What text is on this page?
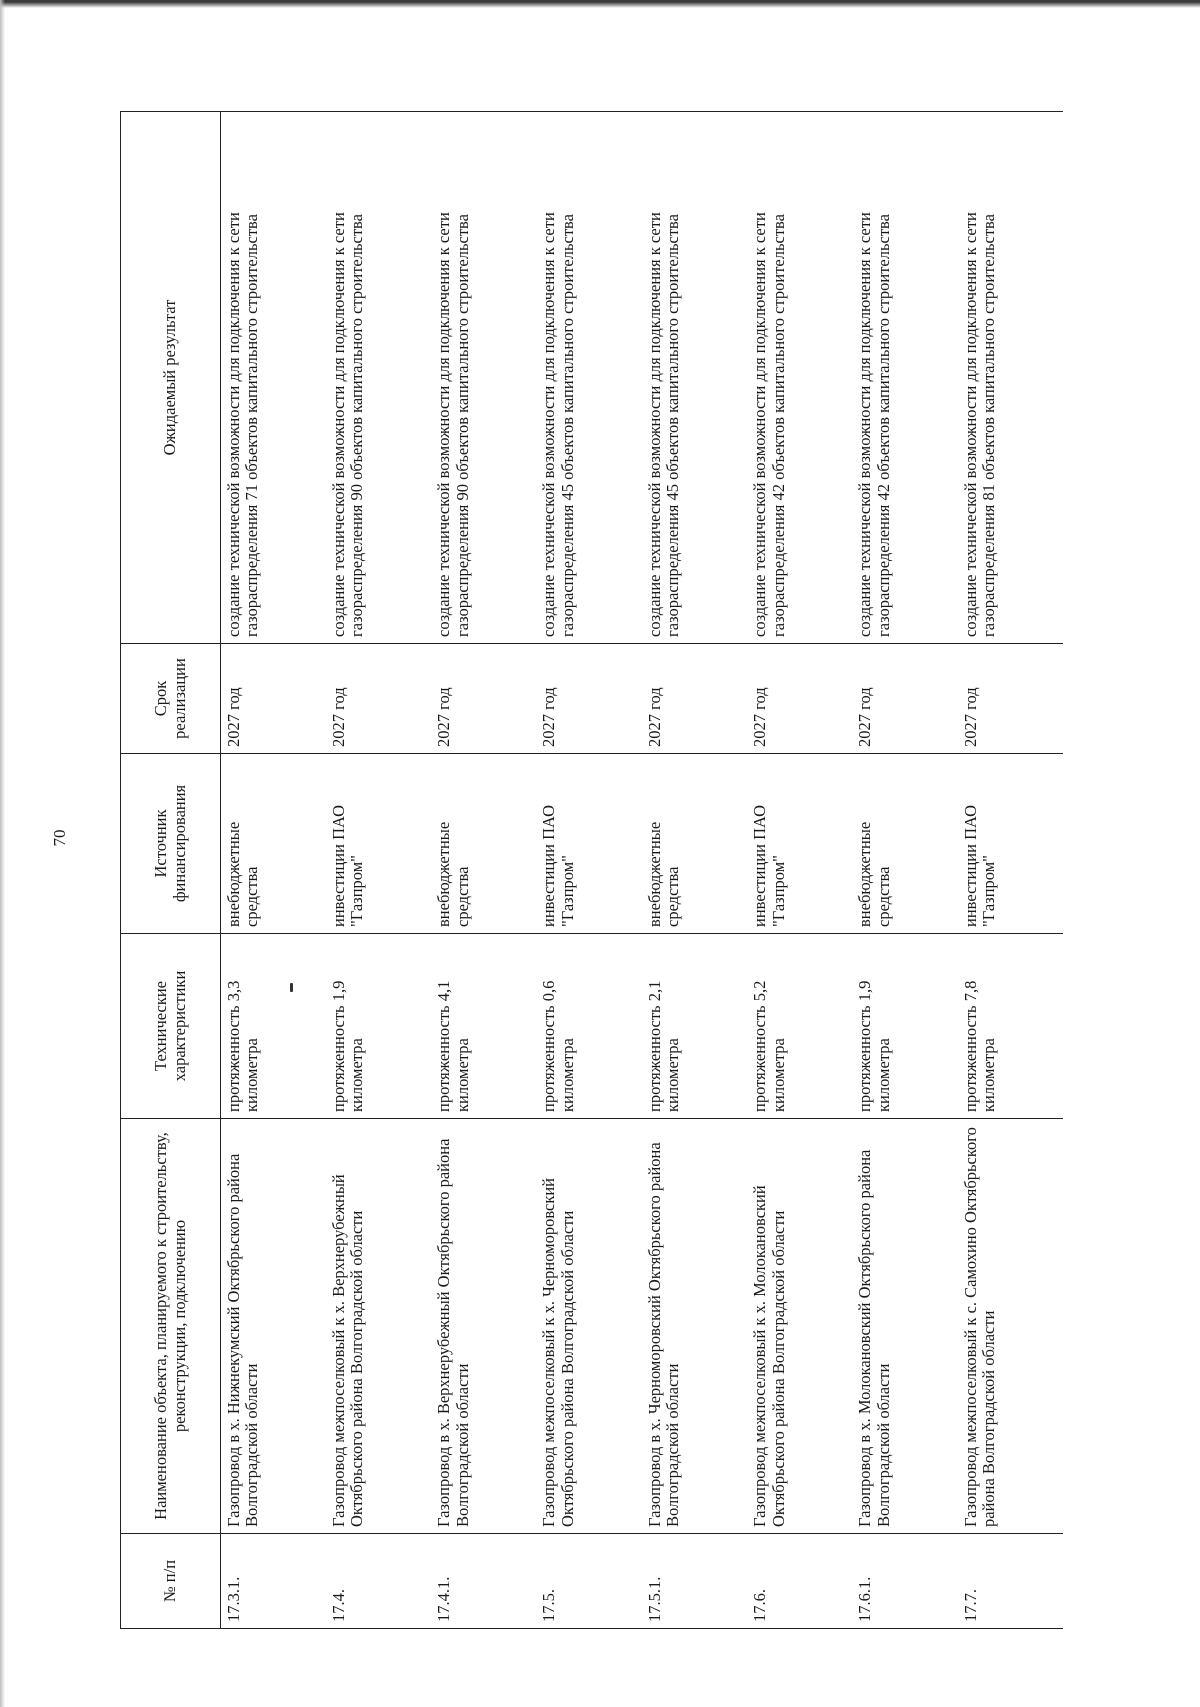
70
№ п/п	Наименование объекта, планируемого к строительству, реконструкции, подключению	Технические характеристики	Источник финансирования	Срок реализации	Ожидаемый результат
17.3.1.	Газопровод в х. Нижнекумский Октябрьского района Волгоградской области	протяженность 3,3 километра	внебюджетные средства	2027 год	создание технической возможности для подключения к сети газораспределения 71 объектов капитального строительства
17.4.	Газопровод межпоселковый к х. Верхнерубежный Октябрьского района Волгоградской области	протяженность 1,9 километра	инвестиции ПАО "Газпром"	2027 год	создание технической возможности для подключения к сети газораспределения 90 объектов капитального строительства
17.4.1.	Газопровод в х. Верхнерубежный Октябрьского района Волгоградской области	протяженность 4,1 километра	внебюджетные средства	2027 год	создание технической возможности для подключения к сети газораспределения 90 объектов капитального строительства
17.5.	Газопровод межпоселковый к х. Черноморовский Октябрьского района Волгоградской области	протяженность 0,6 километра	инвестиции ПАО "Газпром"	2027 год	создание технической возможности для подключения к сети газораспределения 45 объектов капитального строительства
17.5.1.	Газопровод в х. Черноморовский Октябрьского района Волгоградской области	протяженность 2,1 километра	внебюджетные средства	2027 год	создание технической возможности для подключения к сети газораспределения 45 объектов капитального строительства
17.6.	Газопровод межпоселковый к х. Молокановский Октябрьского района Волгоградской области	протяженность 5,2 километра	инвестиции ПАО "Газпром"	2027 год	создание технической возможности для подключения к сети газораспределения 42 объектов капитального строительства
17.6.1.	Газопровод в х. Молокановский Октябрьского района Волгоградской области	протяженность 1,9 километра	внебюджетные средства	2027 год	создание технической возможности для подключения к сети газораспределения 42 объектов капитального строительства
17.7.	Газопровод межпоселковый к с. Самохино Октябрьского района Волгоградской области	протяженность 7,8 километра	инвестиции ПАО "Газпром"	2027 год	создание технической возможности для подключения к сети газораспределения 81 объектов капитального строительства
